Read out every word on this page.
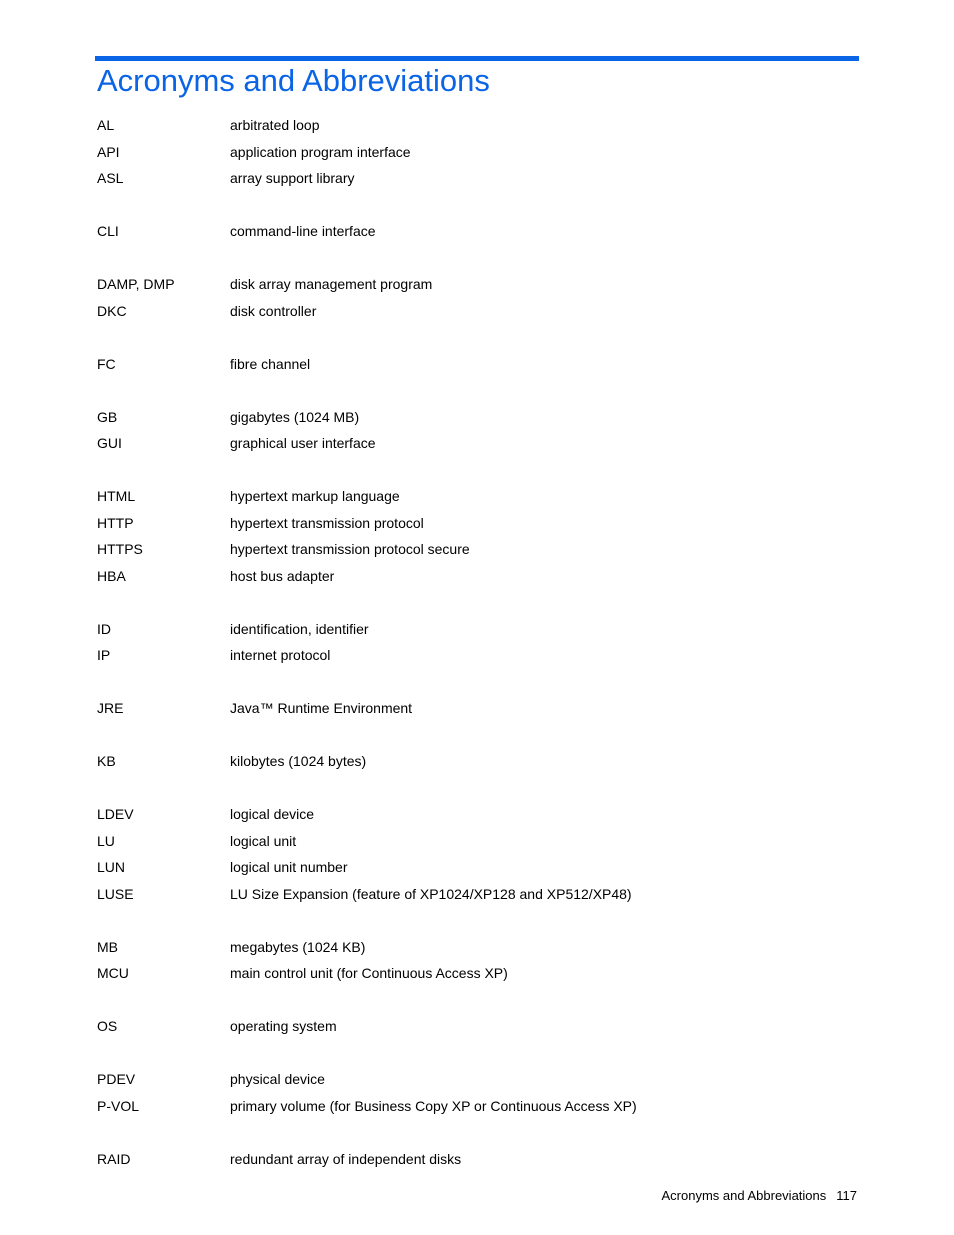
Acronyms and Abbreviations
AL	arbitrated loop
API	application program interface
ASL	array support library
CLI	command-line interface
DAMP, DMP	disk array management program
DKC	disk controller
FC	fibre channel
GB	gigabytes (1024 MB)
GUI	graphical user interface
HTML	hypertext markup language
HTTP	hypertext transmission protocol
HTTPS	hypertext transmission protocol secure
HBA	host bus adapter
ID	identification, identifier
IP	internet protocol
JRE	Java™ Runtime Environment
KB	kilobytes (1024 bytes)
LDEV	logical device
LU	logical unit
LUN	logical unit number
LUSE	LU Size Expansion (feature of XP1024/XP128 and XP512/XP48)
MB	megabytes (1024 KB)
MCU	main control unit (for Continuous Access XP)
OS	operating system
PDEV	physical device
P-VOL	primary volume (for Business Copy XP or Continuous Access XP)
RAID	redundant array of independent disks
Acronyms and Abbreviations 117
